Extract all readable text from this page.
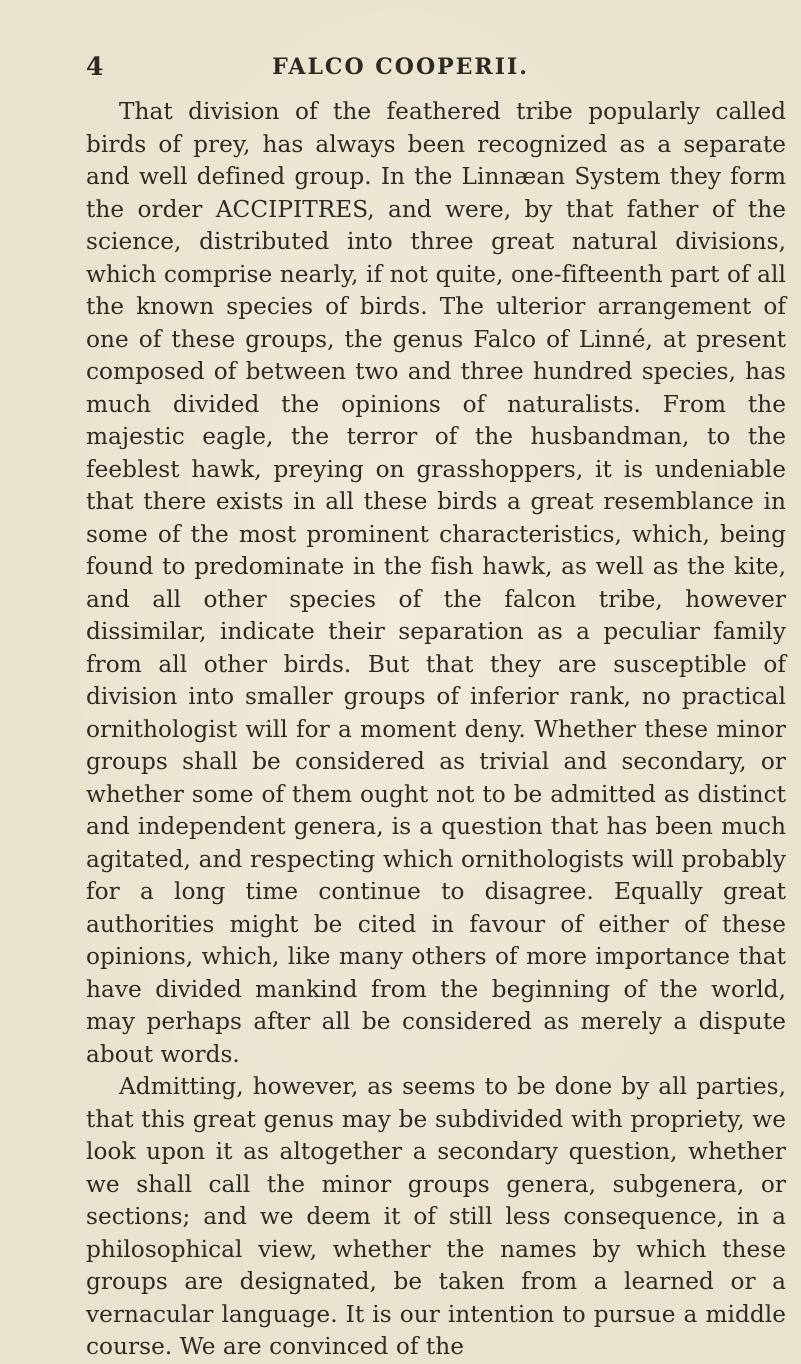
4	FALCO COOPERII.

That division of the feathered tribe popularly called birds of prey, has always been recognized as a separate and well defined group. In the Linnæan System they form the order ACCIPITRES, and were, by that father of the science, distributed into three great natural divisions, which comprise nearly, if not quite, one-fifteenth part of all the known species of birds. The ulterior arrangement of one of these groups, the genus Falco of Linné, at present composed of between two and three hundred species, has much divided the opinions of naturalists. From the majestic eagle, the terror of the husbandman, to the feeblest hawk, preying on grasshoppers, it is undeniable that there exists in all these birds a great resemblance in some of the most prominent characteristics, which, being found to predominate in the fish hawk, as well as the kite, and all other species of the falcon tribe, however dissimilar, indicate their separation as a peculiar family from all other birds. But that they are susceptible of division into smaller groups of inferior rank, no practical ornithologist will for a moment deny. Whether these minor groups shall be considered as trivial and secondary, or whether some of them ought not to be admitted as distinct and independent genera, is a question that has been much agitated, and respecting which ornithologists will probably for a long time continue to disagree. Equally great authorities might be cited in favour of either of these opinions, which, like many others of more importance that have divided mankind from the beginning of the world, may perhaps after all be considered as merely a dispute about words.

Admitting, however, as seems to be done by all parties, that this great genus may be subdivided with propriety, we look upon it as altogether a secondary question, whether we shall call the minor groups genera, subgenera, or sections; and we deem it of still less consequence, in a philosophical view, whether the names by which these groups are designated, be taken from a learned or a vernacular language. It is our intention to pursue a middle course. We are convinced of the
